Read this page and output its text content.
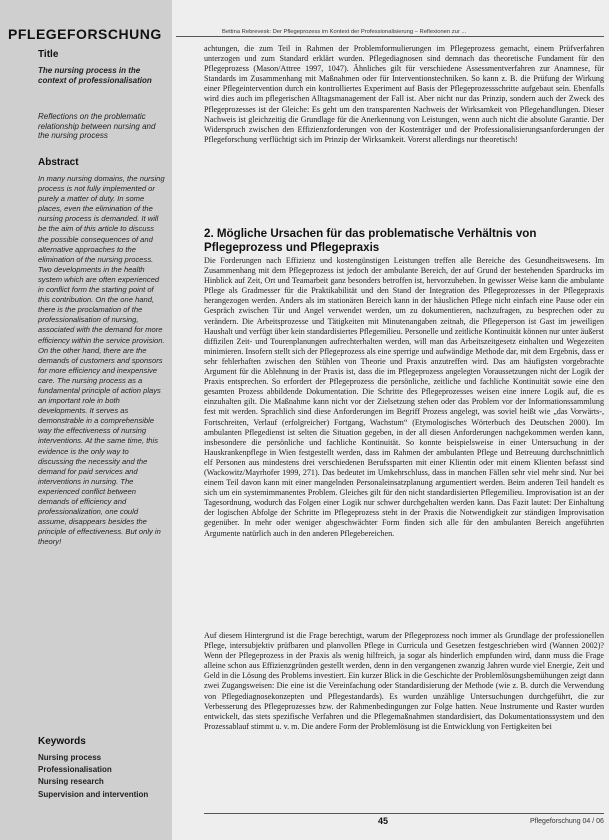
PFLEGEFORSCHUNG
Title
The nursing process in the context of professionalisation
Reflections on the problematic relationship between nursing and the nursing process
Abstract
In many nursing domains, the nursing process is not fully implemented or purely a matter of duty. In some places, even the elimination of the nursing process is demanded. It will be the aim of this article to discuss the possible consequences of and alternative approaches to the elimination of the nursing process. Two developments in the health system which are often experienced in conflict form the starting point of this contribution. On the one hand, there is the proclamation of the professionalisation of nursing, associated with the demand for more efficiency within the service provision. On the other hand, there are the demands of customers and sponsors for more efficiency and inexpensive care. The nursing process as a fundamental principle of action plays an important role in both developments. It serves as demonstrable in a comprehensible way the effectiveness of nursing interventions. At the same time, this evidence is the only way to discussing the necessity and the demand for paid services and interventions in nursing. The experienced conflict between demands of efficiency and professionalization, one could assume, disappears besides the principle of effectiveness. But only in theory!
Keywords
Nursing process
Professionalisation
Nursing research
Supervision and intervention
Bettina Rebrevesk: Der Pflegeprozess im Kontext der Professionalisierung – Reflexionen zur ...

achtungen, die zum Teil in Rahmen der Problemformulierungen im Pflegeprozess gemacht, einem Prüfverfahren unterzogen und zum Standard erklärt wurden. Pflegediagnosen sind demnach das theoretische Fundament für den Pflegeprozess (Mason/Attree 1997, 1047). Ähnliches gilt für verschiedene Assessmentverfahren zur Anamnese, für Standards im Zusammenhang mit Maßnahmen oder für Interventionstechniken. So kann z. B. die Prüfung der Wirkung einer Pflegeintervention durch ein kontrolliertes Experiment auf Basis der Pflegeprozessschritte aufgebaut sein. Ebenfalls wird dies auch im pflegerischen Alltagsmanagement der Fall ist. Aber nicht nur das Prinzip, sondern auch der Zweck des Pflegeprozesses ist der Gleiche: Es geht um den transparenten Nachweis der Wirksamkeit von Pflegehandlungen. Dieser Nachweis ist gleichzeitig die Grundlage für die Anerkennung von Leistungen, wenn auch nicht die absolute Garantie. Der Widerspruch zwischen den Effizienzforderungen von der Kostenträger und der Professionalisierungsanforderungen der Pflegeforschung verflüchtigt sich im Prinzip der Wirksamkeit. Vorerst allerdings nur theoretisch!

2. Mögliche Ursachen für das problematische Verhältnis von Pflegeprozess und Pflegepraxis

Die Forderungen nach Effizienz und kostengünstigen Leistungen treffen alle Bereiche des Gesundheitswesens. Im Zusammenhang mit dem Pflegeprozess ist jedoch der ambulante Bereich, der auf Grund der bestehenden Spardrucks im Hinblick auf Zeit, Ort und Teamarbeit ganz besonders betroffen ist, hervorzuheben. In gewisser Weise kann die ambulante Pflege als Gradmesser für die Praktikabilität und den Stand der Integration des Pflegeprozesses in der Pflegepraxis herangezogen werden. Anders als im stationären Bereich kann in der häuslichen Pflege nicht einfach eine Pause oder ein Gespräch zwischen Tür und Angel verwendet werden, um zu dokumentieren, nachzufragen, zu besprechen oder zu verändern. Die Arbeitsprozesse und Tätigkeiten mit Minutenangaben zeitnah, die Pflegeperson ist Gast im jeweiligen Haushalt und verfügt über kein standardisiertes Pflegemilieu. Personelle und zeitliche Kontinuität können nur unter äußerst diffizilen Zeit- und Tourenplanungen aufrechterhalten werden, will man das Arbeitszeitgesetz einhalten und Wegezeiten minimieren. Insofern stellt sich der Pflegeprozess als eine sperrige und aufwändige Methode dar, mit dem Ergebnis, dass er sehr fehlerhaften zwischen den Stühlen von Theorie und Praxis anzutreffen wird. Das am häufigsten vorgebrachte Argument für die Ablehnung in der Praxis ist, dass die im Pflegeprozess angelegten Voraussetzungen nicht der Logik der Praxis entsprechen. So erfordert der Pflegeprozess die persönliche, zeitliche und fachliche Kontinuität sowie eine den gesamten Prozess abbildende Dokumentation. Die Schritte des Pflegeprozesses weisen eine innere Logik auf, die es einzuhalten gilt. Die Maßnahme kann nicht vor der Zielsetzung stehen oder das Problem vor der Informationssammlung fest mit werden. Sprachlich sind diese Anforderungen im Begriff Prozess angelegt, was soviel heißt wie „das Vorwärts-, Fortschreiten, Verlauf (erfolgreicher) Fortgang, Wachstum“ (Etymologisches Wörterbuch des Deutschen 2000). Im ambulanten Pflegedienst ist selten die Situation gegeben, in der all diesen Anforderungen nachgekommen werden kann, insbesondere die persönliche und fachliche Kontinuität. So konnte beispielsweise in einer Untersuchung in der Hauskrankenpflege in Wien festgestellt werden, dass im Rahmen der ambulanten Pflege und Betreuung durchschnittlich elf Personen aus mindestens drei verschiedenen Berufssparten mit einer Klientin oder mit einem Klienten befasst sind (Wackowitz/Mayrhofer 1999, 271). Das bedeutet im Umkehrschluss, dass in manchen Fällen sehr viel mehr sind. Nur bei einem Teil davon kann mit einer mangelnden Personaleinsatzplanung argumentiert werden. Beim anderen Teil handelt es sich um ein systemimmanentes Problem. Gleiches gilt für den nicht standardisierten Pflegemilieu. Improvisation ist an der Tagesordnung, wodurch das Folgen einer Logik nur schwer durchgehalten werden kann. Das Fazit lautet: Der Einhaltung der logischen Abfolge der Schritte im Pflegeprozess steht in der Praxis die Notwendigkeit zur ständigen Improvisation gegenüber. In mehr oder weniger abgeschwächter Form finden sich alle für den ambulanten Bereich angeführten Argumente natürlich auch in den anderen Pflegebereichen.

Auf diesem Hintergrund ist die Frage berechtigt, warum der Pflegeprozess noch immer als Grundlage der professionellen Pflege, intersubjektiv prüfbaren und planvollen Pflege in Curricula und Gesetzen festgeschrieben wird (Wannen 2002)? Wenn der Pflegeprozess in der Praxis als wenig hilfreich, ja sogar als hinderlich empfunden wird, dann muss die Frage alleine schon aus Effizienzgründen gestellt werden, denn in den vergangenen zwanzig Jahren wurde viel Energie, Zeit und Geld in die Lösung des Problems investiert. Ein kurzer Blick in die Geschichte der Problemlösungsbemühungen zeigt dann zwei Zugangsweisen: Die eine ist die Vereinfachung oder Standardisierung der Methode (wie z. B. durch die Verwendung von Pflegediagnosekonzepten und Pflegestandards). Es wurden unzählige Untersuchungen durchgeführt, die zur Verbesserung des Pflegeprozesses bzw. der Rahmenbedingungen zur Folge hatten. Neue Instrumente und Raster wurden entwickelt, das stets spezifische Verfahren und die Pflegemaßnahmen standardisiert, das Dokumentationssystem und den Prozessablauf stimmt u. v. m. Die andere Form der Problemlösung ist die Entwicklung von Fertigkeiten bei

45	Pflegeforschung 04 / 06
